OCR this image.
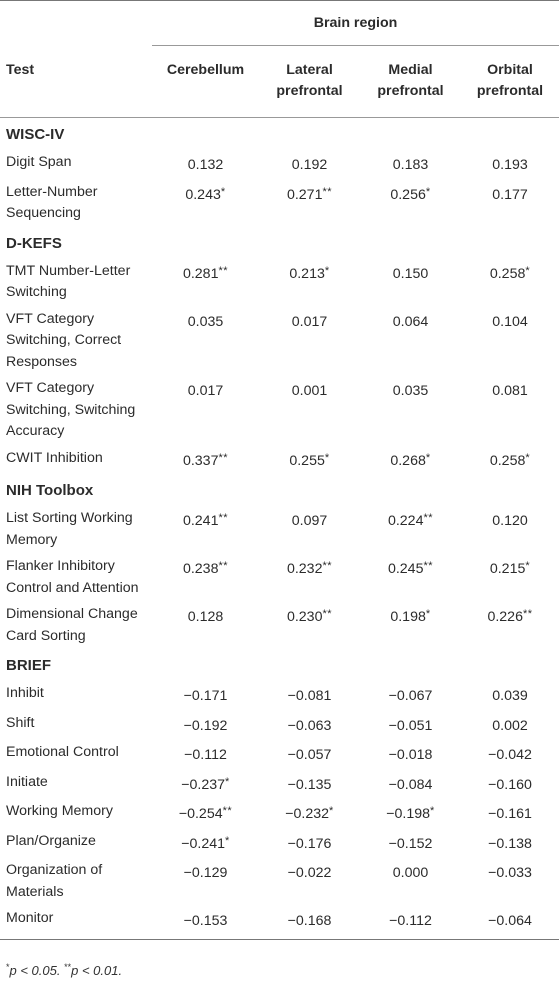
	Brain region			
Test	Cerebellum	Lateral prefrontal	Medial prefrontal	Orbital prefrontal
WISC-IV				
Digit Span	0.132	0.192	0.183	0.193
Letter-Number Sequencing	0.243*	0.271**	0.256*	0.177
D-KEFS				
TMT Number-Letter Switching	0.281**	0.213*	0.150	0.258*
VFT Category Switching, Correct Responses	0.035	0.017	0.064	0.104
VFT Category Switching, Switching Accuracy	0.017	0.001	0.035	0.081
CWIT Inhibition	0.337**	0.255*	0.268*	0.258*
NIH Toolbox				
List Sorting Working Memory	0.241**	0.097	0.224**	0.120
Flanker Inhibitory Control and Attention	0.238**	0.232**	0.245**	0.215*
Dimensional Change Card Sorting	0.128	0.230**	0.198*	0.226**
BRIEF				
Inhibit	−0.171	−0.081	−0.067	0.039
Shift	−0.192	−0.063	−0.051	0.002
Emotional Control	−0.112	−0.057	−0.018	−0.042
Initiate	−0.237*	−0.135	−0.084	−0.160
Working Memory	−0.254**	−0.232*	−0.198*	−0.161
Plan/Organize	−0.241*	−0.176	−0.152	−0.138
Organization of Materials	−0.129	−0.022	0.000	−0.033
Monitor	−0.153	−0.168	−0.112	−0.064
*p < 0.05. **p < 0.01.
